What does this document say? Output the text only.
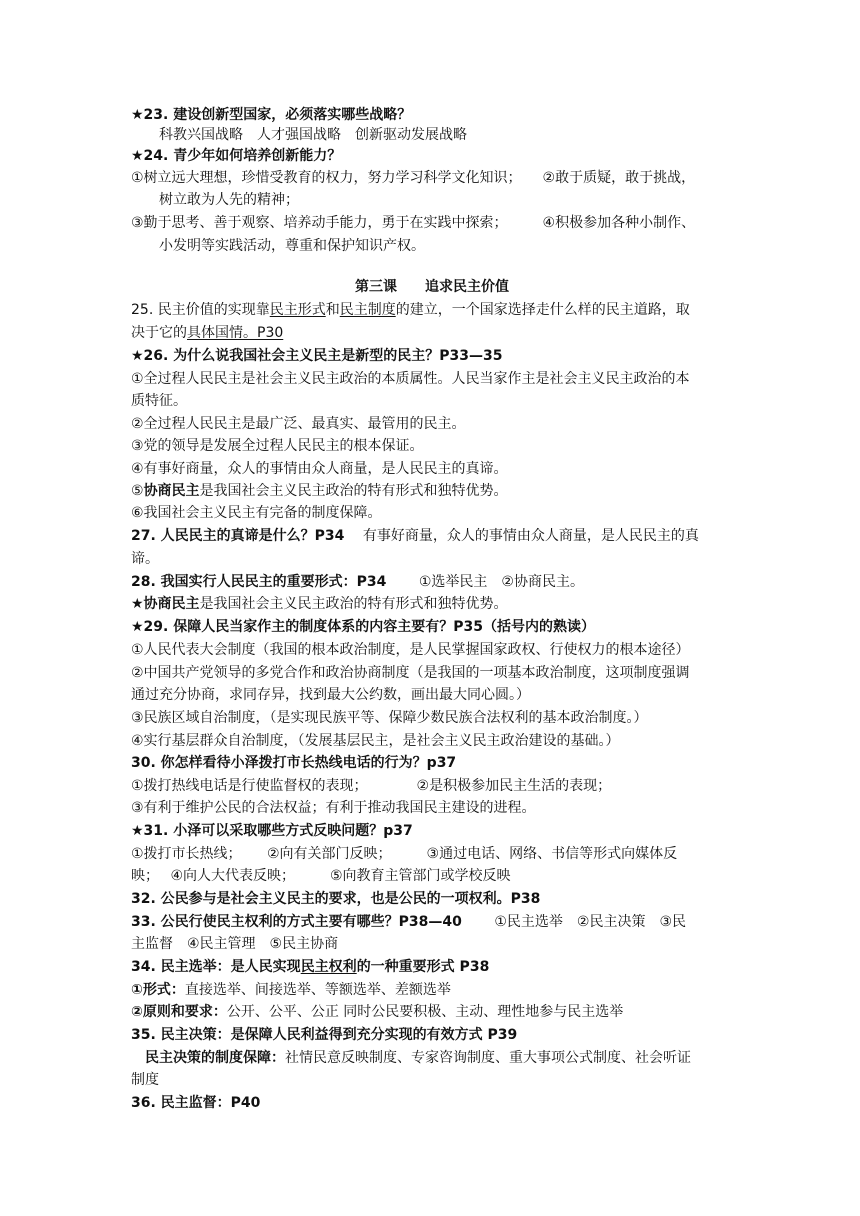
★23. 建设创新型国家，必须落实哪些战略？
科教兴国战略　人才强国战略　创新驱动发展战略
★24. 青少年如何培养创新能力？
①树立远大理想，珍惜受教育的权力，努力学习科学文化知识；　　②敢于质疑，敢于挑战，
树立敢为人先的精神；
③勤于思考、善于观察、培养动手能力，勇于在实践中探索；　　　④积极参加各种小制作、
小发明等实践活动，尊重和保护知识产权。
第三课　　追求民主价值
25. 民主价值的实现靠民主形式和民主制度的建立，一个国家选择走什么样的民主道路，取
决于它的具体国情。P30
★26. 为什么说我国社会主义民主是新型的民主？P33—35
①全过程人民民主是社会主义民主政治的本质属性。人民当家作主是社会主义民主政治的本
质特征。
②全过程人民民主是最广泛、最真实、最管用的民主。
③党的领导是发展全过程人民民主的根本保证。
④有事好商量，众人的事情由众人商量，是人民民主的真谛。
⑤协商民主是我国社会主义民主政治的特有形式和独特优势。
⑥我国社会主义民主有完备的制度保障。
27. 人民民主的真谛是什么？P34　 有事好商量，众人的事情由众人商量，是人民民主的真
谛。
28. 我国实行人民民主的重要形式：P34　　 ①选举民主　②协商民主。
★协商民主是我国社会主义民主政治的特有形式和独特优势。
★29. 保障人民当家作主的制度体系的内容主要有？P35（括号内的熟读）
①人民代表大会制度（我国的根本政治制度，是人民掌握国家政权、行使权力的根本途径）
②中国共产党领导的多党合作和政治协商制度（是我国的一项基本政治制度，这项制度强调
通过充分协商，求同存异，找到最大公约数，画出最大同心圆。）
③民族区域自治制度，（是实现民族平等、保障少数民族合法权利的基本政治制度。）
④实行基层群众自治制度，（发展基层民主，是社会主义民主政治建设的基础。）
30. 你怎样看待小泽拨打市长热线电话的行为？p37
①拨打热线电话是行使监督权的表现；　　　　②是积极参加民主生活的表现；
③有利于维护公民的合法权益；有利于推动我国民主建设的进程。
★31. 小泽可以采取哪些方式反映问题？p37
①拨打市长热线；　　 ②向有关部门反映；　　　③通过电话、网络、书信等形式向媒体反
映；　 ④向人大代表反映；　　　⑤向教育主管部门或学校反映
32. 公民参与是社会主义民主的要求，也是公民的一项权利。P38
33. 公民行使民主权利的方式主要有哪些？P38—40　　 ①民主选举　②民主决策　③民
主监督　④民主管理　⑤民主协商
34. 民主选举：是人民实现民主权利的一种重要形式 P38
①形式：直接选举、间接选举、等额选举、差额选举
②原则和要求：公开、公平、公正 同时公民要积极、主动、理性地参与民主选举
35. 民主决策：是保障人民利益得到充分实现的有效方式 P39
民主决策的制度保障：社情民意反映制度、专家咨询制度、重大事项公式制度、社会听证
制度
36. 民主监督：P40
